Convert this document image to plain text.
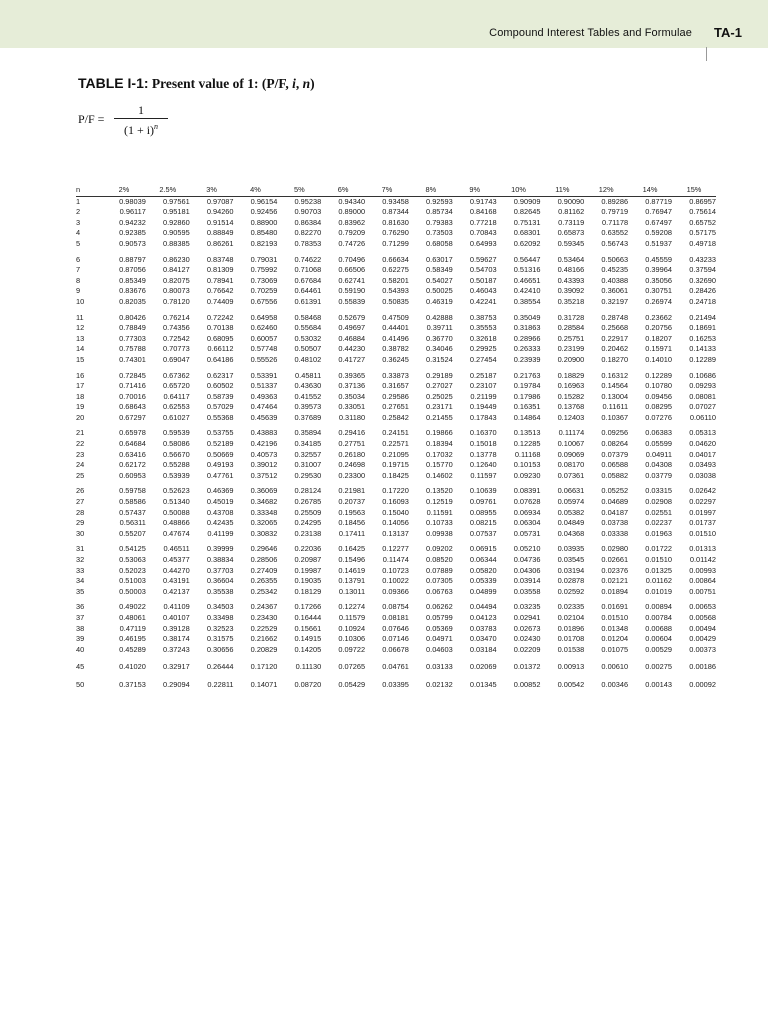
Compound Interest Tables and Formulae TA-1
TABLE I-1: Present value of 1: (P/F, i, n)
P/F =
1
$(1 + i)^n$
n	2%	2.5%	3%	4%	5%	6%	7%	8%	9%	10%	11%	12%	14%	15%
1	0.98039	0.97561	0.97087	0.96154	0.95238	0.94340	0.93458	0.92593	0.91743	0.90909	0.90090	0.89286	0.87719	0.86957
2	0.96117	0.95181	0.94260	0.92456	0.90703	0.89000	0.87344	0.85734	0.84168	0.82645	0.81162	0.79719	0.76947	0.75614
3	0.94232	0.92860	0.91514	0.88900	0.86384	0.83962	0.81630	0.79383	0.77218	0.75131	0.73119	0.71178	0.67497	0.65752
4	0.92385	0.90595	0.88849	0.85480	0.82270	0.79209	0.76290	0.73503	0.70843	0.68301	0.65873	0.63552	0.59208	0.57175
5	0.90573	0.88385	0.86261	0.82193	0.78353	0.74726	0.71299	0.68058	0.64993	0.62092	0.59345	0.56743	0.51937	0.49718
6	0.88797	0.86230	0.83748	0.79031	0.74622	0.70496	0.66634	0.63017	0.59627	0.56447	0.53464	0.50663	0.45559	0.43233
7	0.87056	0.84127	0.81309	0.75992	0.71068	0.66506	0.62275	0.58349	0.54703	0.51316	0.48166	0.45235	0.39964	0.37594
8	0.85349	0.82075	0.78941	0.73069	0.67684	0.62741	0.58201	0.54027	0.50187	0.46651	0.43393	0.40388	0.35056	0.32690
9	0.83676	0.80073	0.76642	0.70259	0.64461	0.59190	0.54393	0.50025	0.46043	0.42410	0.39092	0.36061	0.30751	0.28426
10	0.82035	0.78120	0.74409	0.67556	0.61391	0.55839	0.50835	0.46319	0.42241	0.38554	0.35218	0.32197	0.26974	0.24718
11	0.80426	0.76214	0.72242	0.64958	0.58468	0.52679	0.47509	0.42888	0.38753	0.35049	0.31728	0.28748	0.23662	0.21494
12	0.78849	0.74356	0.70138	0.62460	0.55684	0.49697	0.44401	0.39711	0.35553	0.31863	0.28584	0.25668	0.20756	0.18691
13	0.77303	0.72542	0.68095	0.60057	0.53032	0.46884	0.41496	0.36770	0.32618	0.28966	0.25751	0.22917	0.18207	0.16253
14	0.75788	0.70773	0.66112	0.57748	0.50507	0.44230	0.38782	0.34046	0.29925	0.26333	0.23199	0.20462	0.15971	0.14133
15	0.74301	0.69047	0.64186	0.55526	0.48102	0.41727	0.36245	0.31524	0.27454	0.23939	0.20900	0.18270	0.14010	0.12289
16	0.72845	0.67362	0.62317	0.53391	0.45811	0.39365	0.33873	0.29189	0.25187	0.21763	0.18829	0.16312	0.12289	0.10686
17	0.71416	0.65720	0.60502	0.51337	0.43630	0.37136	0.31657	0.27027	0.23107	0.19784	0.16963	0.14564	0.10780	0.09293
18	0.70016	0.64117	0.58739	0.49363	0.41552	0.35034	0.29586	0.25025	0.21199	0.17986	0.15282	0.13004	0.09456	0.08081
19	0.68643	0.62553	0.57029	0.47464	0.39573	0.33051	0.27651	0.23171	0.19449	0.16351	0.13768	0.11611	0.08295	0.07027
20	0.67297	0.61027	0.55368	0.45639	0.37689	0.31180	0.25842	0.21455	0.17843	0.14864	0.12403	0.10367	0.07276	0.06110
21	0.65978	0.59539	0.53755	0.43883	0.35894	0.29416	0.24151	0.19866	0.16370	0.13513	0.11174	0.09256	0.06383	0.05313
22	0.64684	0.58086	0.52189	0.42196	0.34185	0.27751	0.22571	0.18394	0.15018	0.12285	0.10067	0.08264	0.05599	0.04620
23	0.63416	0.56670	0.50669	0.40573	0.32557	0.26180	0.21095	0.17032	0.13778	0.11168	0.09069	0.07379	0.04911	0.04017
24	0.62172	0.55288	0.49193	0.39012	0.31007	0.24698	0.19715	0.15770	0.12640	0.10153	0.08170	0.06588	0.04308	0.03493
25	0.60953	0.53939	0.47761	0.37512	0.29530	0.23300	0.18425	0.14602	0.11597	0.09230	0.07361	0.05882	0.03779	0.03038
26	0.59758	0.52623	0.46369	0.36069	0.28124	0.21981	0.17220	0.13520	0.10639	0.08391	0.06631	0.05252	0.03315	0.02642
27	0.58586	0.51340	0.45019	0.34682	0.26785	0.20737	0.16093	0.12519	0.09761	0.07628	0.05974	0.04689	0.02908	0.02297
28	0.57437	0.50088	0.43708	0.33348	0.25509	0.19563	0.15040	0.11591	0.08955	0.06934	0.05382	0.04187	0.02551	0.01997
29	0.56311	0.48866	0.42435	0.32065	0.24295	0.18456	0.14056	0.10733	0.08215	0.06304	0.04849	0.03738	0.02237	0.01737
30	0.55207	0.47674	0.41199	0.30832	0.23138	0.17411	0.13137	0.09938	0.07537	0.05731	0.04368	0.03338	0.01963	0.01510
31	0.54125	0.46511	0.39999	0.29646	0.22036	0.16425	0.12277	0.09202	0.06915	0.05210	0.03935	0.02980	0.01722	0.01313
32	0.53063	0.45377	0.38834	0.28506	0.20987	0.15496	0.11474	0.08520	0.06344	0.04736	0.03545	0.02661	0.01510	0.01142
33	0.52023	0.44270	0.37703	0.27409	0.19987	0.14619	0.10723	0.07889	0.05820	0.04306	0.03194	0.02376	0.01325	0.00993
34	0.51003	0.43191	0.36604	0.26355	0.19035	0.13791	0.10022	0.07305	0.05339	0.03914	0.02878	0.02121	0.01162	0.00864
35	0.50003	0.42137	0.35538	0.25342	0.18129	0.13011	0.09366	0.06763	0.04899	0.03558	0.02592	0.01894	0.01019	0.00751
36	0.49022	0.41109	0.34503	0.24367	0.17266	0.12274	0.08754	0.06262	0.04494	0.03235	0.02335	0.01691	0.00894	0.00653
37	0.48061	0.40107	0.33498	0.23430	0.16444	0.11579	0.08181	0.05799	0.04123	0.02941	0.02104	0.01510	0.00784	0.00568
38	0.47119	0.39128	0.32523	0.22529	0.15661	0.10924	0.07646	0.05369	0.03783	0.02673	0.01896	0.01348	0.00688	0.00494
39	0.46195	0.38174	0.31575	0.21662	0.14915	0.10306	0.07146	0.04971	0.03470	0.02430	0.01708	0.01204	0.00604	0.00429
40	0.45289	0.37243	0.30656	0.20829	0.14205	0.09722	0.06678	0.04603	0.03184	0.02209	0.01538	0.01075	0.00529	0.00373
45	0.41020	0.32917	0.26444	0.17120	0.11130	0.07265	0.04761	0.03133	0.02069	0.01372	0.00913	0.00610	0.00275	0.00186
50	0.37153	0.29094	0.22811	0.14071	0.08720	0.05429	0.03395	0.02132	0.01345	0.00852	0.00542	0.00346	0.00143	0.00092
